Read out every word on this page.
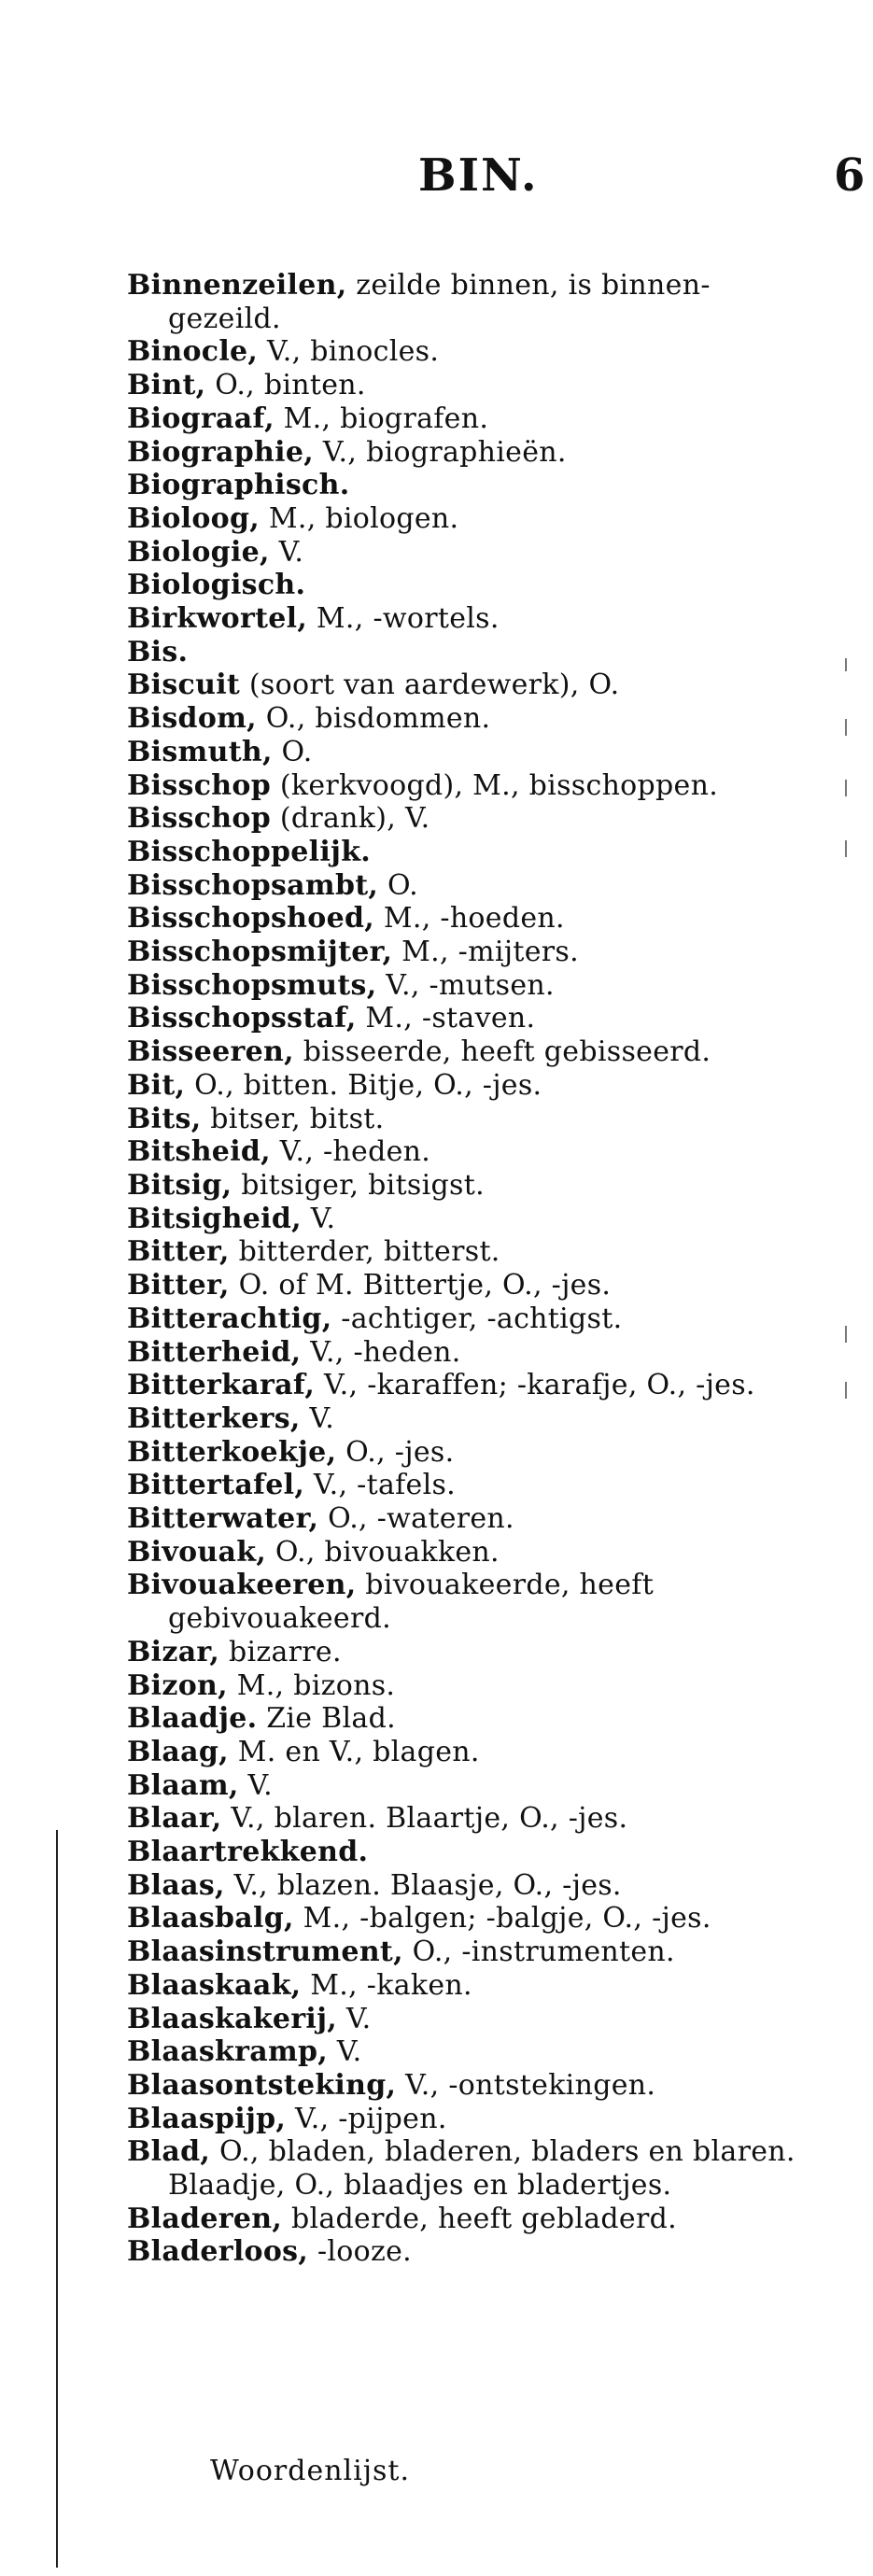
BIN.	6
Binnenzeilen, zeilde binnen, is binnen-gezeild.
Binocle, V., binocles.
Bint, O., binten.
Biograaf, M., biografen.
Biographie, V., biographieën.
Biographisch.
Bioloog, M., biologen.
Biologie, V.
Biologisch.
Birkwortel, M., -wortels.
Bis.
Biscuit (soort van aardewerk), O.
Bisdom, O., bisdommen.
Bismuth, O.
Bisschop (kerkvoogd), M., bisschoppen.
Bisschop (drank), V.
Bisschoppelijk.
Bisschopsambt, O.
Bisschopshoed, M., -hoeden.
Bisschopsmijter, M., -mijters.
Bisschopsmuts, V., -mutsen.
Bisschopsstaf, M., -staven.
Bisseeren, bisseerde, heeft gebisseerd.
Bit, O., bitten. Bitje, O., -jes.
Bits, bitser, bitst.
Bitsheid, V., -heden.
Bitsig, bitsiger, bitsigst.
Bitsigheid, V.
Bitter, bitterder, bitterst.
Bitter, O. of M. Bittertje, O., -jes.
Bitterachtig, -achtiger, -achtigst.
Bitterheid, V., -heden.
Bitterkaraf, V., -karaffen; -karafje, O., -jes.
Bitterkers, V.
Bitterkoekje, O., -jes.
Bittertafel, V., -tafels.
Bitterwater, O., -wateren.
Bivouak, O., bivouakken.
Bivouakeeren, bivouakeerde, heeft gebivouakeerd.
Bizar, bizarre.
Bizon, M., bizons.
Blaadje. Zie Blad.
Blaag, M. en V., blagen.
Blaam, V.
Blaar, V., blaren. Blaartje, O., -jes.
Blaartrekkend.
Blaas, V., blazen. Blaasje, O., -jes.
Blaasbalg, M., -balgen; -balgje, O., -jes.
Blaasinstrument, O., -instrumenten.
Blaaskaak, M., -kaken.
Blaaskakerij, V.
Blaaskramp, V.
Blaasontsteking, V., -ontstekingen.
Blaaspijp, V., -pijpen.
Blad, O., bladen, bladeren, bladers en blaren. Blaadje, O., blaadjes en bladertjes.
Bladeren, bladerde, heeft gebladerd.
Bladerloos, -looze.
Woordenlijst.
